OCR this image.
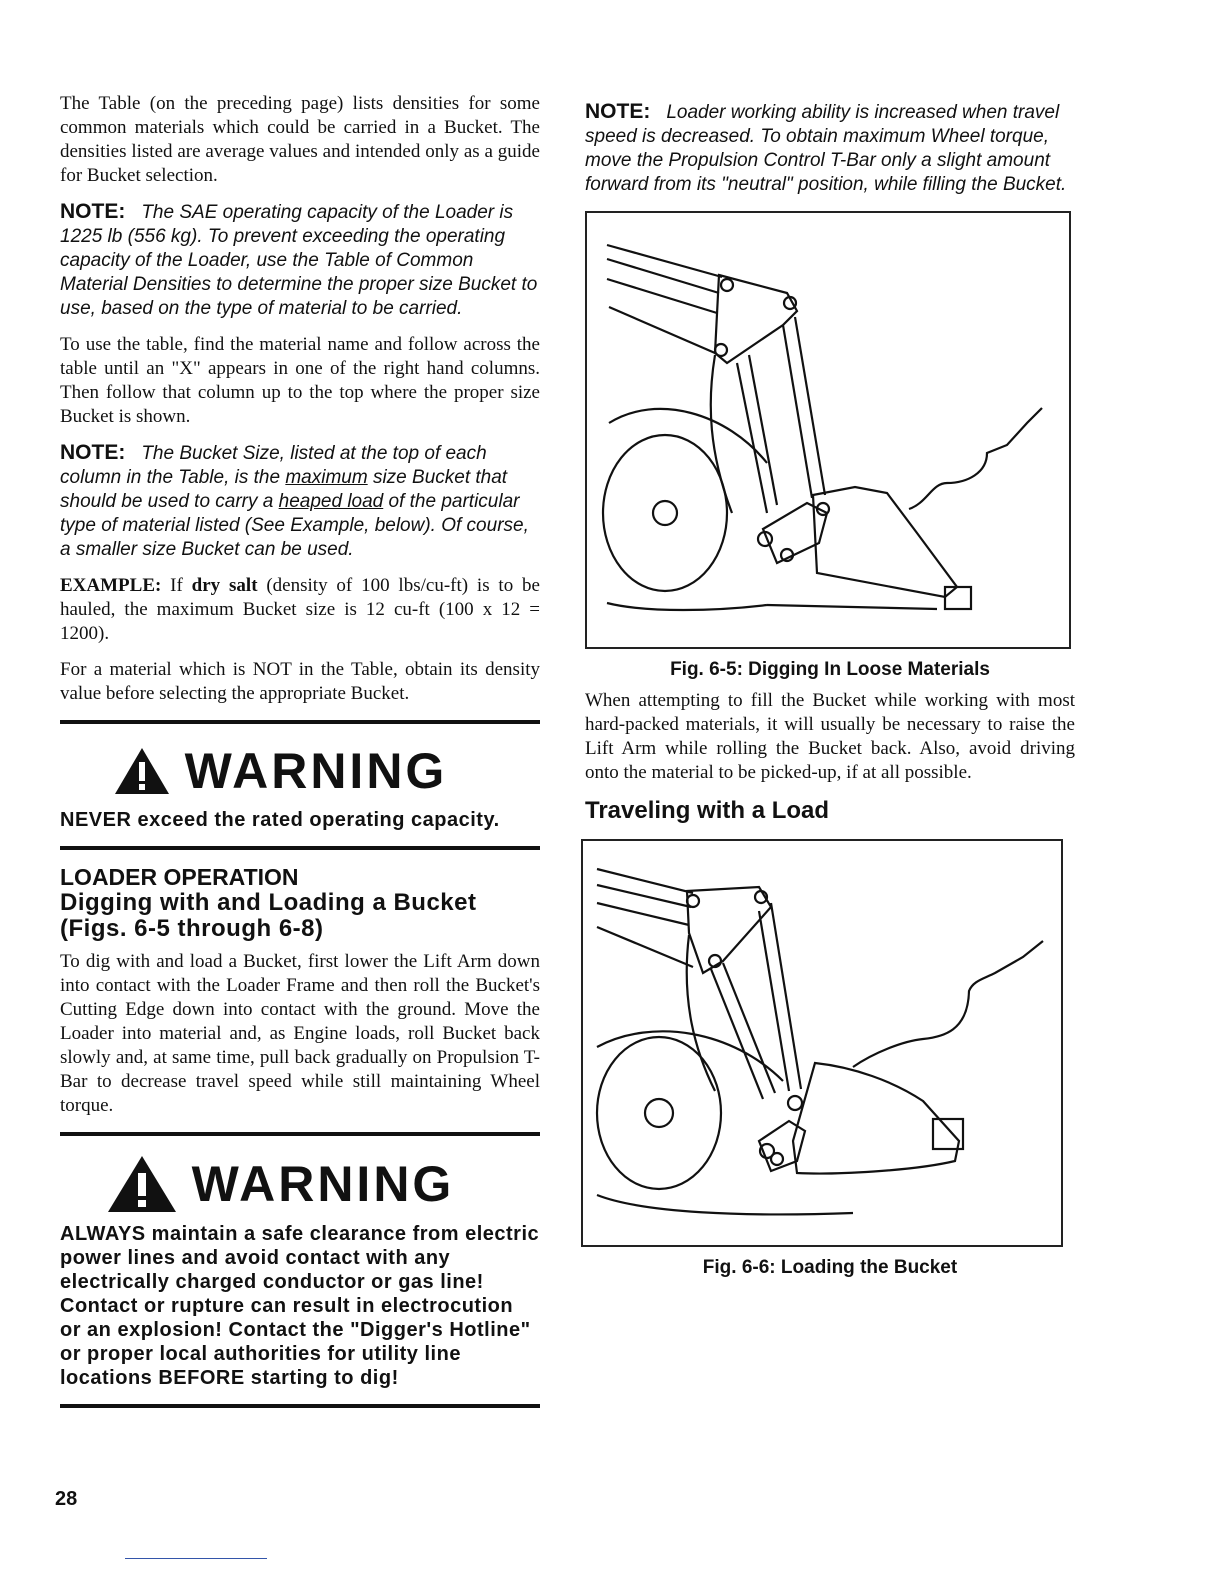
The Table (on the preceding page) lists densities for some common materials which could be carried in a Bucket. The densities listed are average values and intended only as a guide for Bucket selection.

NOTE: The SAE operating capacity of the Loader is 1225 lb (556 kg). To prevent exceeding the operating capacity of the Loader, use the Table of Common Material Densities to determine the proper size Bucket to use, based on the type of material to be carried.

To use the table, find the material name and follow across the table until an "X" appears in one of the right hand columns. Then follow that column up to the top where the proper size Bucket is shown.

NOTE: The Bucket Size, listed at the top of each column in the Table, is the maximum size Bucket that should be used to carry a heaped load of the particular type of material listed (See Example, below). Of course, a smaller size Bucket can be used.

EXAMPLE: If dry salt (density of 100 lbs/cu-ft) is to be hauled, the maximum Bucket size is 12 cu-ft (100 x 12 = 1200).

For a material which is NOT in the Table, obtain its density value before selecting the appropriate Bucket.

WARNING
NEVER exceed the rated operating capacity.
LOADER OPERATION
Digging with and Loading a Bucket (Figs. 6-5 through 6-8)

To dig with and load a Bucket, first lower the Lift Arm down into contact with the Loader Frame and then roll the Bucket's Cutting Edge down into contact with the ground. Move the Loader into material and, as Engine loads, roll Bucket back slowly and, at same time, pull back gradually on Propulsion T-Bar to decrease travel speed while still maintaining Wheel torque.

WARNING
ALWAYS maintain a safe clearance from electric power lines and avoid contact with any electrically charged conductor or gas line! Contact or rupture can result in electrocution or an explosion! Contact the "Digger's Hotline" or proper local authorities for utility line locations BEFORE starting to dig!
NOTE: Loader working ability is increased when travel speed is decreased. To obtain maximum Wheel torque, move the Propulsion Control T-Bar only a slight amount forward from its "neutral" position, while filling the Bucket.
Fig. 6-5: Digging In Loose Materials

When attempting to fill the Bucket while working with most hard-packed materials, it will usually be necessary to raise the Lift Arm while rolling the Bucket back. Also, avoid driving onto the material to be picked-up, if at all possible.

Traveling with a Load
Fig. 6-6: Loading the Bucket
28
